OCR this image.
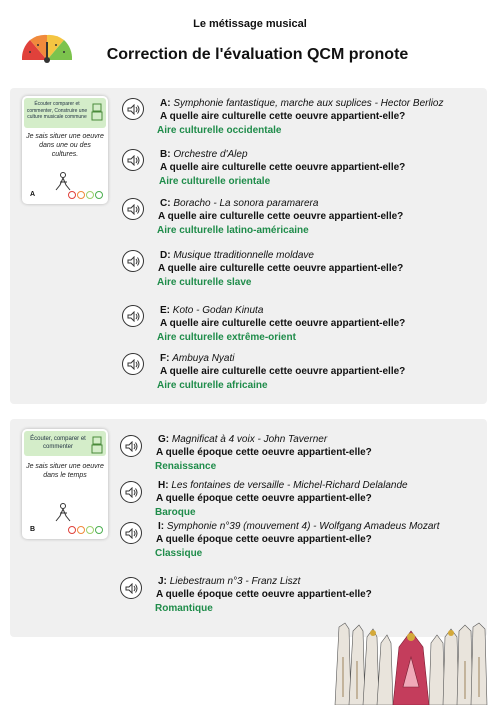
Le métissage musical
Correction de l'évaluation QCM pronote
Écouter comparer et commenter, Construire une culture musicale commune
Je sais situer une oeuvre dans une ou des cultures.
A
A: Symphonie fantastique, marche aux suplices - Hector Berlioz
A quelle aire culturelle cette oeuvre appartient-elle?
Aire culturelle occidentale
B: Orchestre d'Alep
A quelle aire culturelle cette oeuvre appartient-elle?
Aire culturelle orientale
C: Boracho - La sonora paramarera
A quelle aire culturelle cette oeuvre appartient-elle?
Aire culturelle latino-américaine
D: Musique ttraditionnelle moldave
A quelle aire culturelle cette oeuvre appartient-elle?
Aire culturelle slave
E: Koto - Godan Kinuta
A quelle aire culturelle cette oeuvre appartient-elle?
Aire culturelle extrême-orient
F: Ambuya Nyati
A quelle aire culturelle cette oeuvre appartient-elle?
Aire culturelle africaine
Écouter, comparer et commenter
Je sais situer une oeuvre dans le temps
B
G: Magnificat à 4 voix - John Taverner
A quelle époque cette oeuvre appartient-elle?
Renaissance
H: Les fontaines de versaille - Michel-Richard Delalande
A quelle époque cette oeuvre appartient-elle?
Baroque
I: Symphonie n°39 (mouvement 4) - Wolfgang Amadeus Mozart
A quelle époque cette oeuvre appartient-elle?
Classique
J: Liebestraum n°3 - Franz Liszt
A quelle époque cette oeuvre appartient-elle?
Romantique
